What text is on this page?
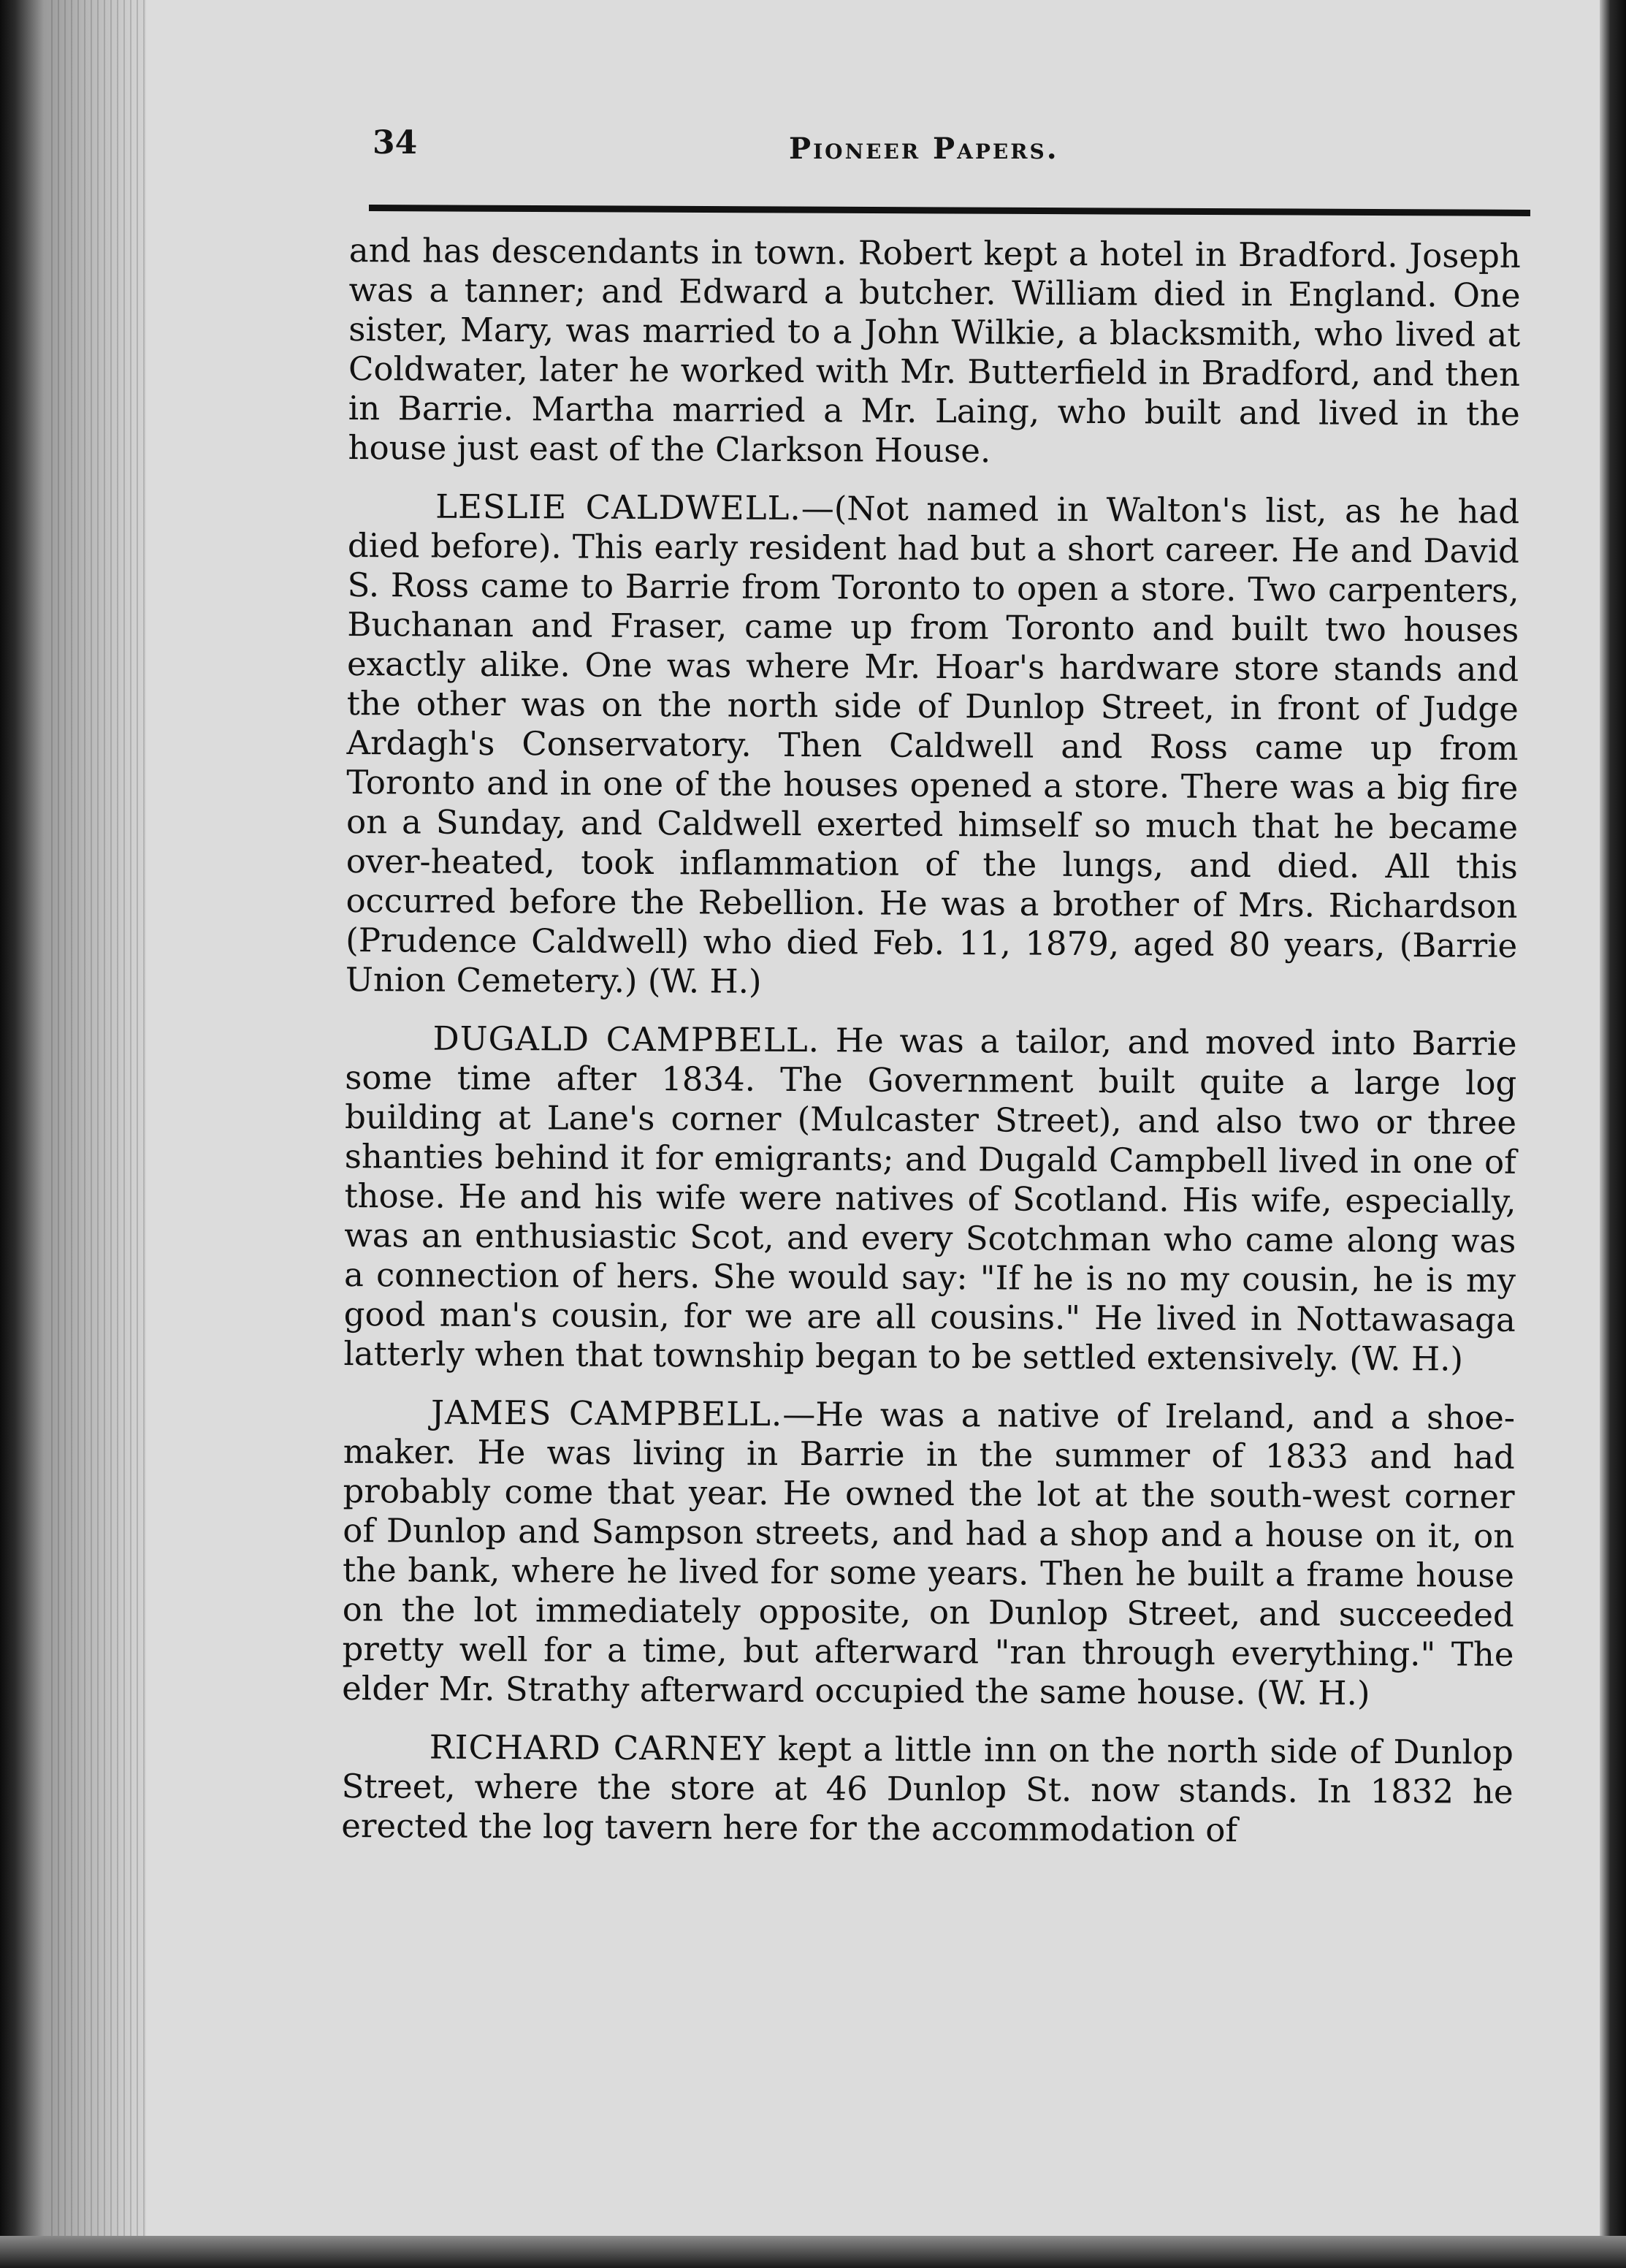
34	Pioneer Papers.

and has descendants in town. Robert kept a hotel in Bradford. Joseph was a tanner; and Edward a butcher. William died in England. One sister, Mary, was married to a John Wilkie, a blacksmith, who lived at Coldwater, later he worked with Mr. Butterfield in Bradford, and then in Barrie. Martha married a Mr. Laing, who built and lived in the house just east of the Clarkson House.

LESLIE CALDWELL.—(Not named in Walton's list, as he had died before). This early resident had but a short career. He and David S. Ross came to Barrie from Toronto to open a store. Two carpenters, Buchanan and Fraser, came up from Toronto and built two houses exactly alike. One was where Mr. Hoar's hardware store stands and the other was on the north side of Dunlop Street, in front of Judge Ardagh's Conservatory. Then Caldwell and Ross came up from Toronto and in one of the houses opened a store. There was a big fire on a Sunday, and Caldwell exerted himself so much that he became over-heated, took inflammation of the lungs, and died. All this occurred before the Rebellion. He was a brother of Mrs. Richardson (Prudence Caldwell) who died Feb. 11, 1879, aged 80 years, (Barrie Union Cemetery.) (W. H.)

DUGALD CAMPBELL. He was a tailor, and moved into Barrie some time after 1834. The Government built quite a large log building at Lane's corner (Mulcaster Street), and also two or three shanties behind it for emigrants; and Dugald Campbell lived in one of those. He and his wife were natives of Scotland. His wife, especially, was an enthusiastic Scot, and every Scotchman who came along was a connection of hers. She would say: "If he is no my cousin, he is my good man's cousin, for we are all cousins." He lived in Nottawasaga latterly when that township began to be settled extensively. (W. H.)

JAMES CAMPBELL.—He was a native of Ireland, and a shoe-maker. He was living in Barrie in the summer of 1833 and had probably come that year. He owned the lot at the south-west corner of Dunlop and Sampson streets, and had a shop and a house on it, on the bank, where he lived for some years. Then he built a frame house on the lot immediately opposite, on Dunlop Street, and succeeded pretty well for a time, but afterward "ran through everything." The elder Mr. Strathy afterward occupied the same house. (W. H.)

RICHARD CARNEY kept a little inn on the north side of Dunlop Street, where the store at 46 Dunlop St. now stands. In 1832 he erected the log tavern here for the accommodation of
